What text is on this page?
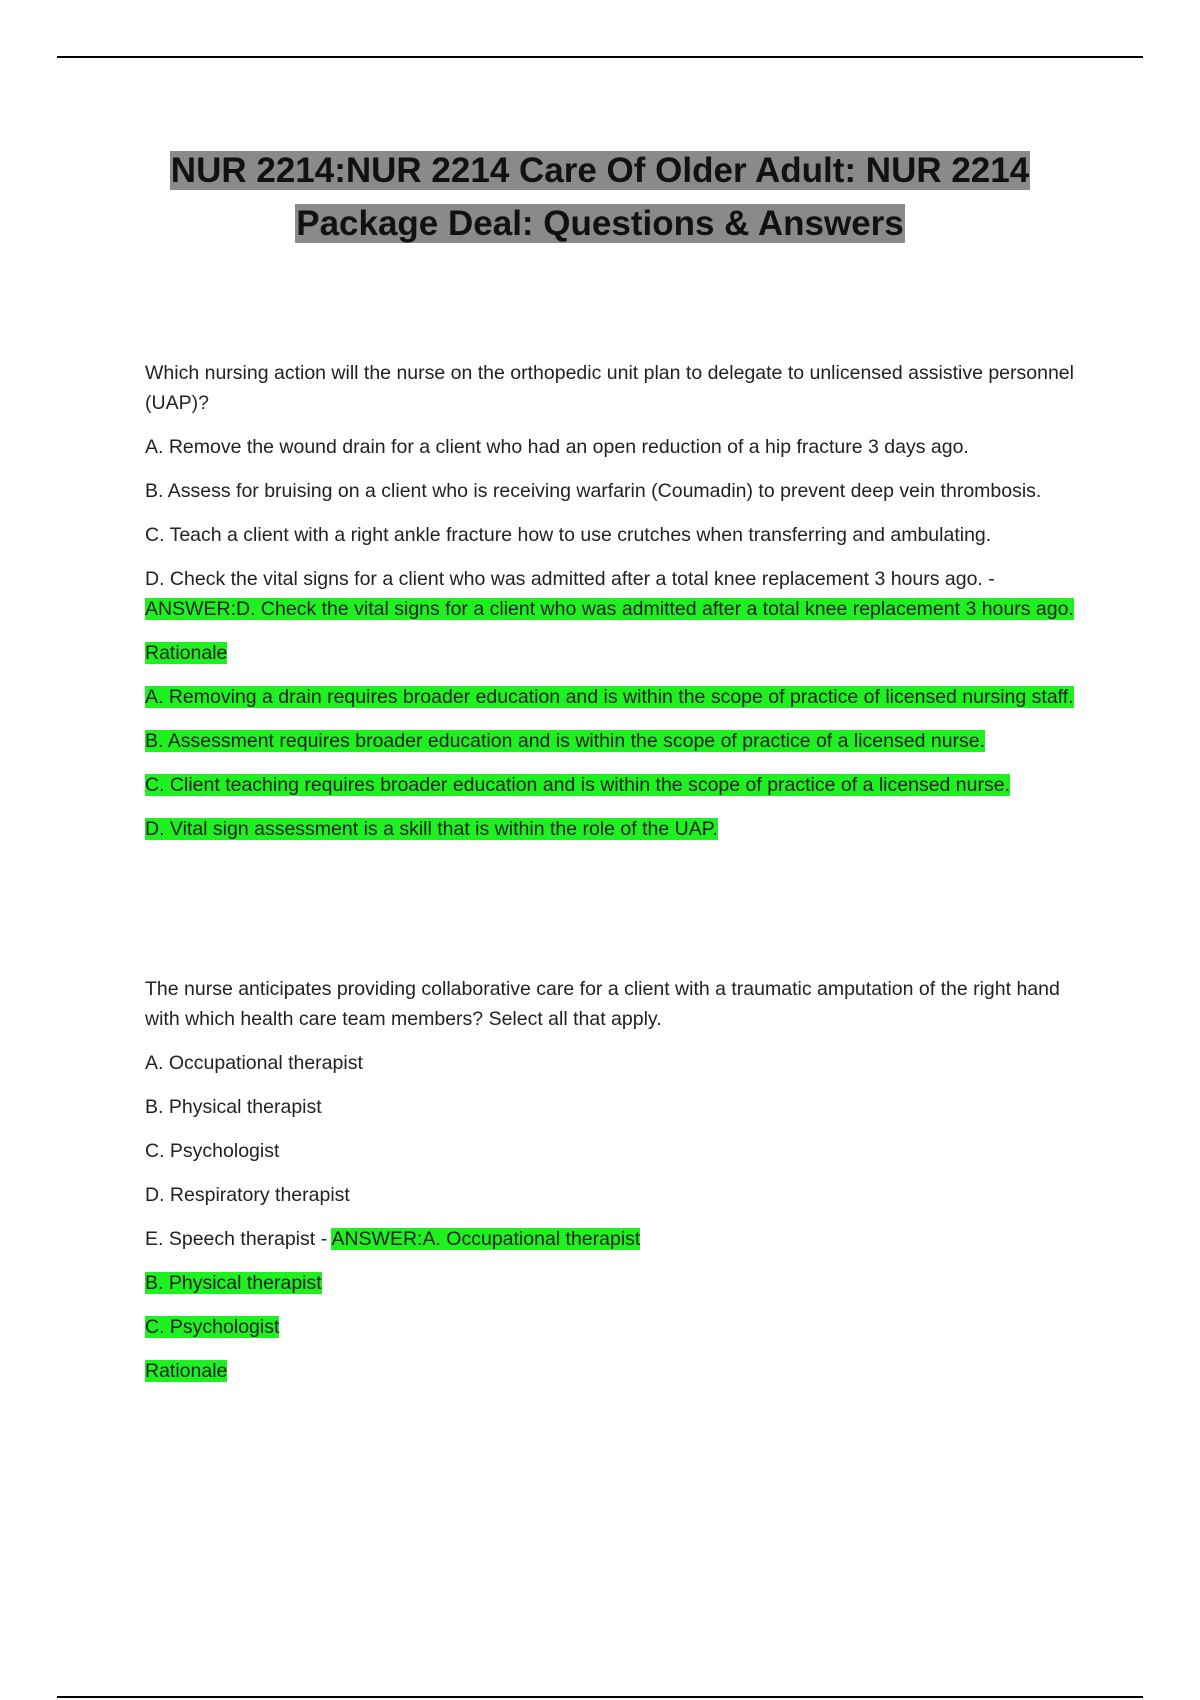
NUR 2214:NUR 2214 Care Of Older Adult: NUR 2214
Package Deal: Questions & Answers

Which nursing action will the nurse on the orthopedic unit plan to delegate to unlicensed assistive personnel (UAP)?

A. Remove the wound drain for a client who had an open reduction of a hip fracture 3 days ago.

B. Assess for bruising on a client who is receiving warfarin (Coumadin) to prevent deep vein thrombosis.

C. Teach a client with a right ankle fracture how to use crutches when transferring and ambulating.

D. Check the vital signs for a client who was admitted after a total knee replacement 3 hours ago. - ANSWER:D. Check the vital signs for a client who was admitted after a total knee replacement 3 hours ago.

Rationale

A. Removing a drain requires broader education and is within the scope of practice of licensed nursing staff.

B. Assessment requires broader education and is within the scope of practice of a licensed nurse.

C. Client teaching requires broader education and is within the scope of practice of a licensed nurse.

D. Vital sign assessment is a skill that is within the role of the UAP.

The nurse anticipates providing collaborative care for a client with a traumatic amputation of the right hand with which health care team members? Select all that apply.

A. Occupational therapist

B. Physical therapist

C. Psychologist

D. Respiratory therapist

E. Speech therapist - ANSWER:A. Occupational therapist

B. Physical therapist

C. Psychologist

Rationale
